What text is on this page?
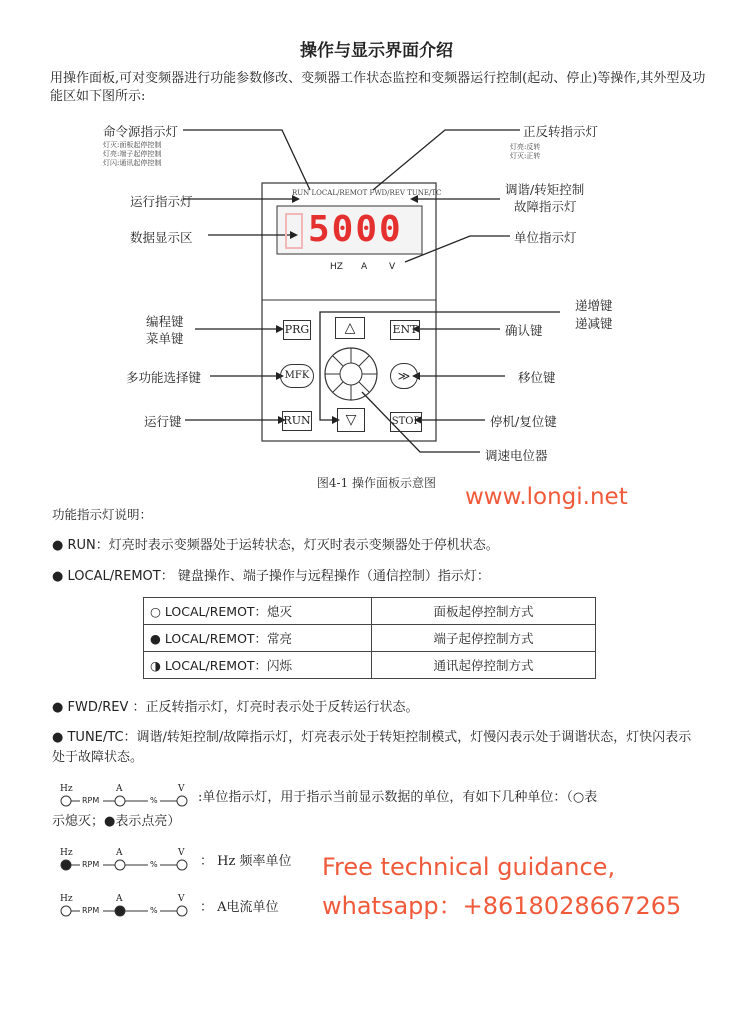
操作与显示界面介绍
用操作面板,可对变频器进行功能参数修改、变频器工作状态监控和变频器运行控制(起动、停止)等操作,其外型及功能区如下图所示:
RUN LOCAL/REMOT FWD/REV TUNE/TC
5000
HZ A V
PRG	△	ENT
MFK	≫
RUN	▽	STOP
命令源指示灯
灯灭:面板起停控制
灯亮:端子起停控制
灯闪:通讯起停控制
正反转指示灯
灯亮:反转
灯灭:正转
运行指示灯
调谐/转矩控制
故障指示灯
数据显示区	单位指示灯
编程键
菜单键
递增键
递减键
确认键
多功能选择键	移位键
运行键	停机/复位键
调速电位器
图4-1 操作面板示意图
www.longi.net
功能指示灯说明：
● RUN：灯亮时表示变频器处于运转状态，灯灭时表示变频器处于停机状态。
● LOCAL/REMOT： 键盘操作、端子操作与远程操作（通信控制）指示灯：
○ LOCAL/REMOT：熄灭	面板起停控制方式
● LOCAL/REMOT：常亮	端子起停控制方式
◑ LOCAL/REMOT：闪烁	通讯起停控制方式
● FWD/REV ：正反转指示灯，灯亮时表示处于反转运行状态。
● TUNE/TC：调谐/转矩控制/故障指示灯，灯亮表示处于转矩控制模式，灯慢闪表示处于调谐状态，灯快闪表示处于故障状态。
Hz
RPM
A
%
V
:单位指示灯，用于指示当前显示数据的单位，有如下几种单位：（○表
示熄灭；●表示点亮）
Hz
RPM
A
%
V
： Hz 频率单位
Hz
RPM
A
%
V
： A电流单位
Free technical guidance,
whatsapp：+8618028667265
